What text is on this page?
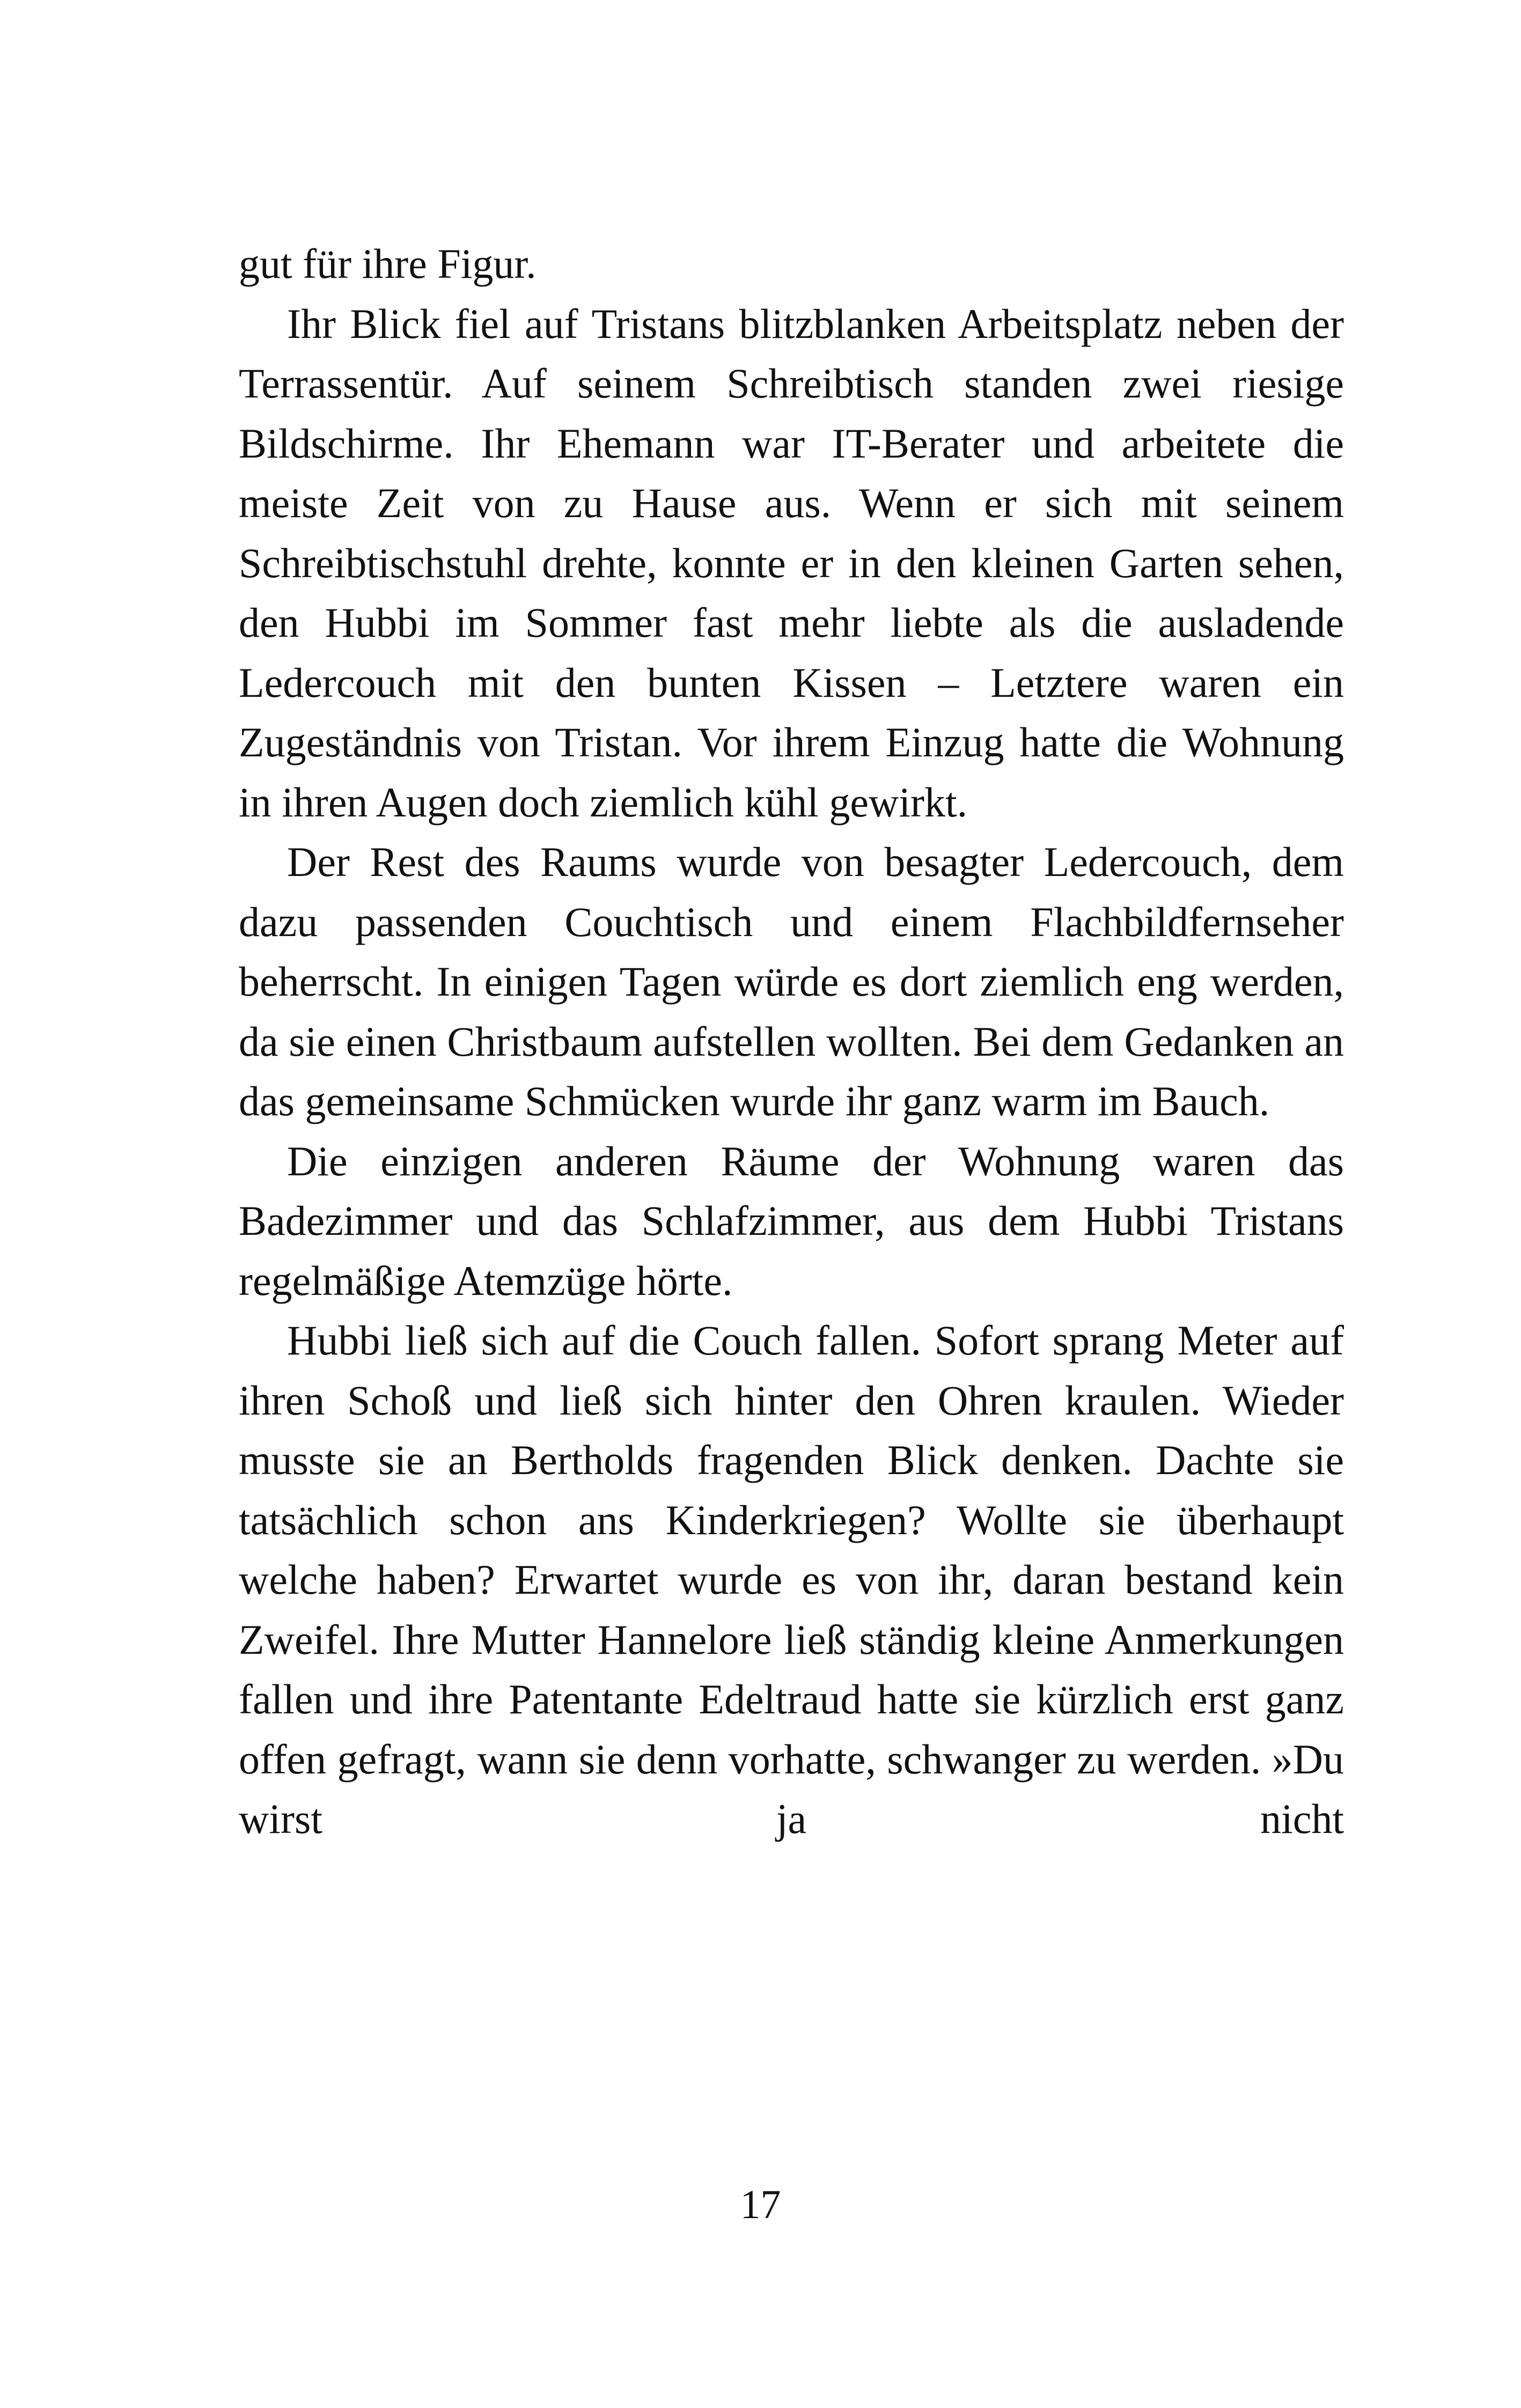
gut für ihre Figur.

Ihr Blick fiel auf Tristans blitzblanken Arbeitsplatz neben der Terrassentür. Auf seinem Schreibtisch standen zwei riesige Bildschirme. Ihr Ehemann war IT-Berater und arbeitete die meiste Zeit von zu Hause aus. Wenn er sich mit seinem Schreibtischstuhl drehte, konnte er in den kleinen Garten sehen, den Hubbi im Sommer fast mehr liebte als die ausladende Ledercouch mit den bunten Kissen – Letztere waren ein Zugeständnis von Tristan. Vor ihrem Einzug hatte die Wohnung in ihren Augen doch ziemlich kühl gewirkt.

Der Rest des Raums wurde von besagter Ledercouch, dem dazu passenden Couchtisch und einem Flachbildfernseher beherrscht. In einigen Tagen würde es dort ziemlich eng werden, da sie einen Christbaum aufstellen wollten. Bei dem Gedanken an das gemeinsame Schmücken wurde ihr ganz warm im Bauch.

Die einzigen anderen Räume der Wohnung waren das Badezimmer und das Schlafzimmer, aus dem Hubbi Tristans regelmäßige Atemzüge hörte.

Hubbi ließ sich auf die Couch fallen. Sofort sprang Meter auf ihren Schoß und ließ sich hinter den Ohren kraulen. Wieder musste sie an Bertholds fragenden Blick denken. Dachte sie tatsächlich schon ans Kinderkriegen? Wollte sie überhaupt welche haben? Erwartet wurde es von ihr, daran bestand kein Zweifel. Ihre Mutter Hannelore ließ ständig kleine Anmerkungen fallen und ihre Patentante Edeltraud hatte sie kürzlich erst ganz offen gefragt, wann sie denn vorhatte, schwanger zu werden. »Du wirst ja nicht

17
